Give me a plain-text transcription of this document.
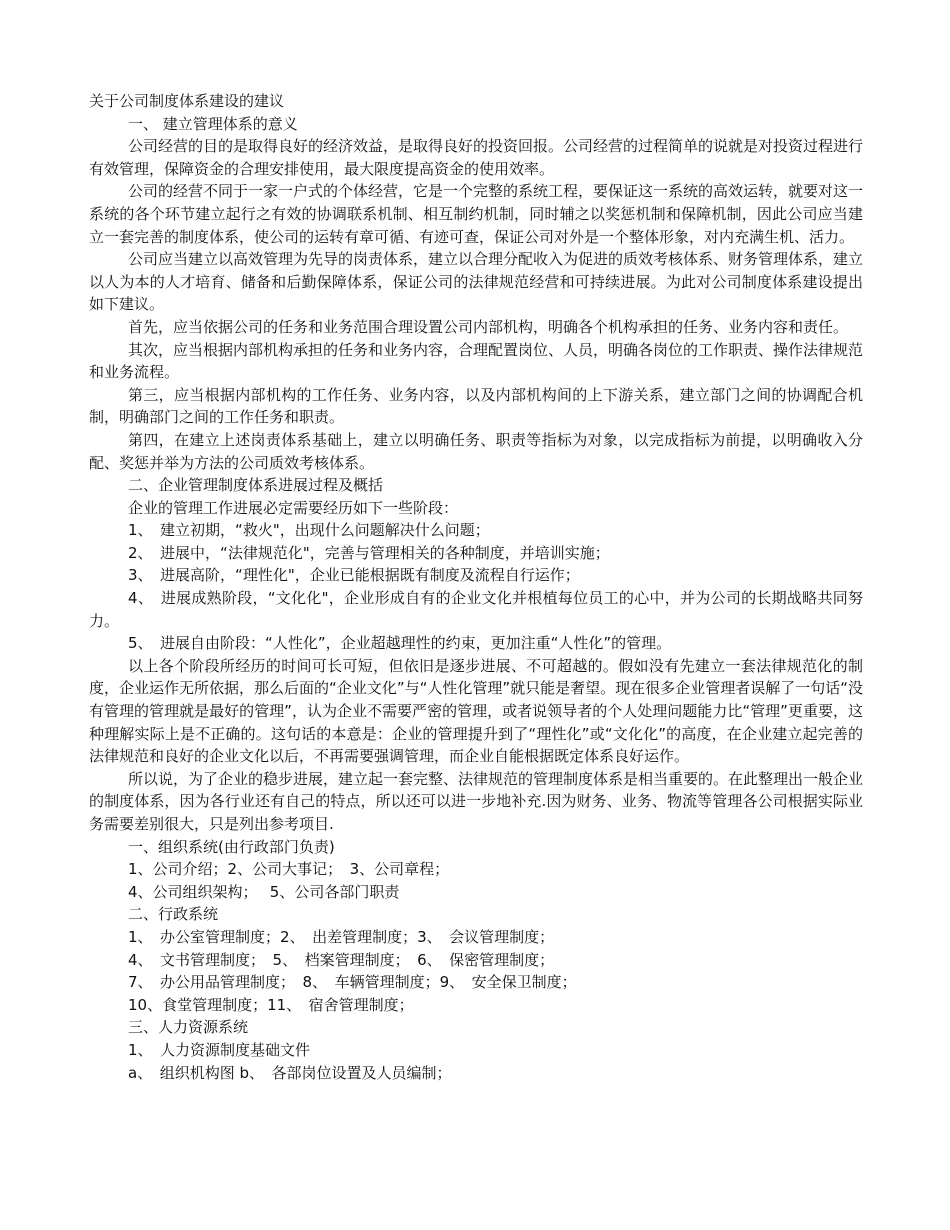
关于公司制度体系建设的建议

一、 建立管理体系的意义

公司经营的目的是取得良好的经济效益，是取得良好的投资回报。公司经营的过程简单的说就是对投资过程进行有效管理，保障资金的合理安排使用，最大限度提高资金的使用效率。

公司的经营不同于一家一户式的个体经营，它是一个完整的系统工程，要保证这一系统的高效运转，就要对这一系统的各个环节建立起行之有效的协调联系机制、相互制约机制，同时辅之以奖惩机制和保障机制，因此公司应当建立一套完善的制度体系，使公司的运转有章可循、有迹可查，保证公司对外是一个整体形象，对内充满生机、活力。

公司应当建立以高效管理为先导的岗责体系，建立以合理分配收入为促进的质效考核体系、财务管理体系，建立以人为本的人才培育、储备和后勤保障体系，保证公司的法律规范经营和可持续进展。为此对公司制度体系建设提出如下建议。

首先，应当依据公司的任务和业务范围合理设置公司内部机构，明确各个机构承担的任务、业务内容和责任。

其次，应当根据内部机构承担的任务和业务内容，合理配置岗位、人员，明确各岗位的工作职责、操作法律规范和业务流程。

第三，应当根据内部机构的工作任务、业务内容，以及内部机构间的上下游关系，建立部门之间的协调配合机制，明确部门之间的工作任务和职责。

第四，在建立上述岗责体系基础上，建立以明确任务、职责等指标为对象，以完成指标为前提，以明确收入分配、奖惩并举为方法的公司质效考核体系。

二、企业管理制度体系进展过程及概括

企业的管理工作进展必定需要经历如下一些阶段：

1、　建立初期，“救火"，出现什么问题解决什么问题；

2、　进展中，“法律规范化"，完善与管理相关的各种制度，并培训实施；

3、　进展高阶，“理性化"，企业已能根据既有制度及流程自行运作；

4、　进展成熟阶段，“文化化"，企业形成自有的企业文化并根植每位员工的心中，并为公司的长期战略共同努力。

5、　进展自由阶段：“人性化”，企业超越理性的约束，更加注重“人性化”的管理。

以上各个阶段所经历的时间可长可短，但依旧是逐步进展、不可超越的。假如没有先建立一套法律规范化的制度，企业运作无所依据，那么后面的“企业文化”与“人性化管理”就只能是奢望。现在很多企业管理者误解了一句话“没有管理的管理就是最好的管理”，认为企业不需要严密的管理，或者说领导者的个人处理问题能力比“管理”更重要，这种理解实际上是不正确的。这句话的本意是：企业的管理提升到了“理性化”或“文化化”的高度，在企业建立起完善的法律规范和良好的企业文化以后，不再需要强调管理，而企业自能根据既定体系良好运作。

所以说，为了企业的稳步进展，建立起一套完整、法律规范的管理制度体系是相当重要的。在此整理出一般企业的制度体系，因为各行业还有自己的特点，所以还可以进一步地补充.因为财务、业务、物流等管理各公司根据实际业务需要差别很大，只是列出参考项目.

一、组织系统(由行政部门负责)

1、公司介绍；2、公司大事记；　3、公司章程；

4、公司组织架构；　 5、公司各部门职责

二、行政系统

1、　办公室管理制度；2、　出差管理制度；3、　会议管理制度；

4、　文书管理制度；　5、　档案管理制度；　6、　保密管理制度；

7、　办公用品管理制度；　8、　车辆管理制度；9、　安全保卫制度；

10、食堂管理制度；11、　宿舍管理制度；

三、人力资源系统

1、　人力资源制度基础文件

a、　组织机构图 b、　各部岗位设置及人员编制；
